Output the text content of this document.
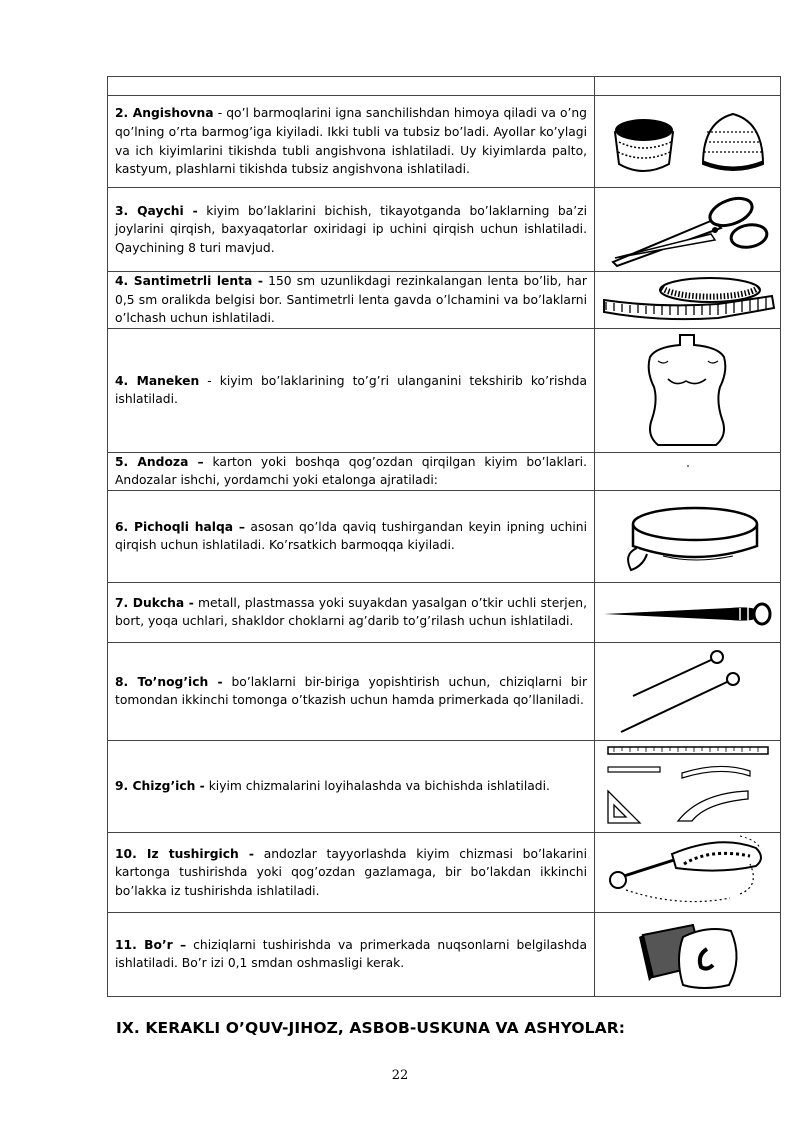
2. Angishovna - qo’l barmoqlarini igna sanchilishdan himoya qiladi va o’ng qo’lning o’rta barmog’iga kiyiladi. Ikki tubli va tubsiz bo’ladi. Ayollar ko’ylagi va ich kiyimlarini tikishda tubli angishvona ishlatiladi. Uy kiyimlarda palto, kastyum, plashlarni tikishda tubsiz angishvona ishlatiladi.	

3. Qaychi - kiyim bo’laklarini bichish, tikayotganda bo’laklarning ba’zi joylarini qirqish, baxyaqatorlar oxiridagi ip uchini qirqish uchun ishlatiladi. Qaychining 8 turi mavjud.	

4. Santimetrli lenta - 150 sm uzunlikdagi rezinkalangan lenta bo’lib, har 0,5 sm oralikda belgisi bor. Santimetrli lenta gavda o’lchamini va bo’laklarni o’lchash uchun ishlatiladi.	

4. Maneken - kiyim bo’laklarining to’g’ri ulanganini tekshirib ko’rishda ishlatiladi.	

5. Andoza – karton yoki boshqa qog’ozdan qirqilgan kiyim bo’laklari. Andozalar ishchi, yordamchi yoki etalonga ajratiladi:	

6. Pichoqli halqa – asosan qo’lda qaviq tushirgandan keyin ipning uchini qirqish uchun ishlatiladi. Ko’rsatkich barmoqqa kiyiladi.	

7. Dukcha - metall, plastmassa yoki suyakdan yasalgan o’tkir uchli sterjen, bort, yoqa uchlari, shakldor choklarni ag’darib to’g’rilash uchun ishlatiladi.	

8. To’nog’ich - bo’laklarni bir-biriga yopishtirish uchun, chiziqlarni bir tomondan ikkinchi tomonga o’tkazish uchun hamda primerkada qo’llaniladi.	

9. Chizg’ich - kiyim chizmalarini loyihalashda va bichishda ishlatiladi.	

10. Iz tushirgich - andozlar tayyorlashda kiyim chizmasi bo’lakarini kartonga tushirishda yoki qog’ozdan gazlamaga, bir bo’lakdan ikkinchi bo’lakka iz tushirishda ishlatiladi.	

11. Bo’r – chiziqlarni tushirishda va primerkada nuqsonlarni belgilashda ishlatiladi. Bo’r izi 0,1 smdan oshmasligi kerak.	
IX. KERAKLI O’QUV-JIHOZ, ASBOB-USKUNA VA ASHYOLAR:
22
